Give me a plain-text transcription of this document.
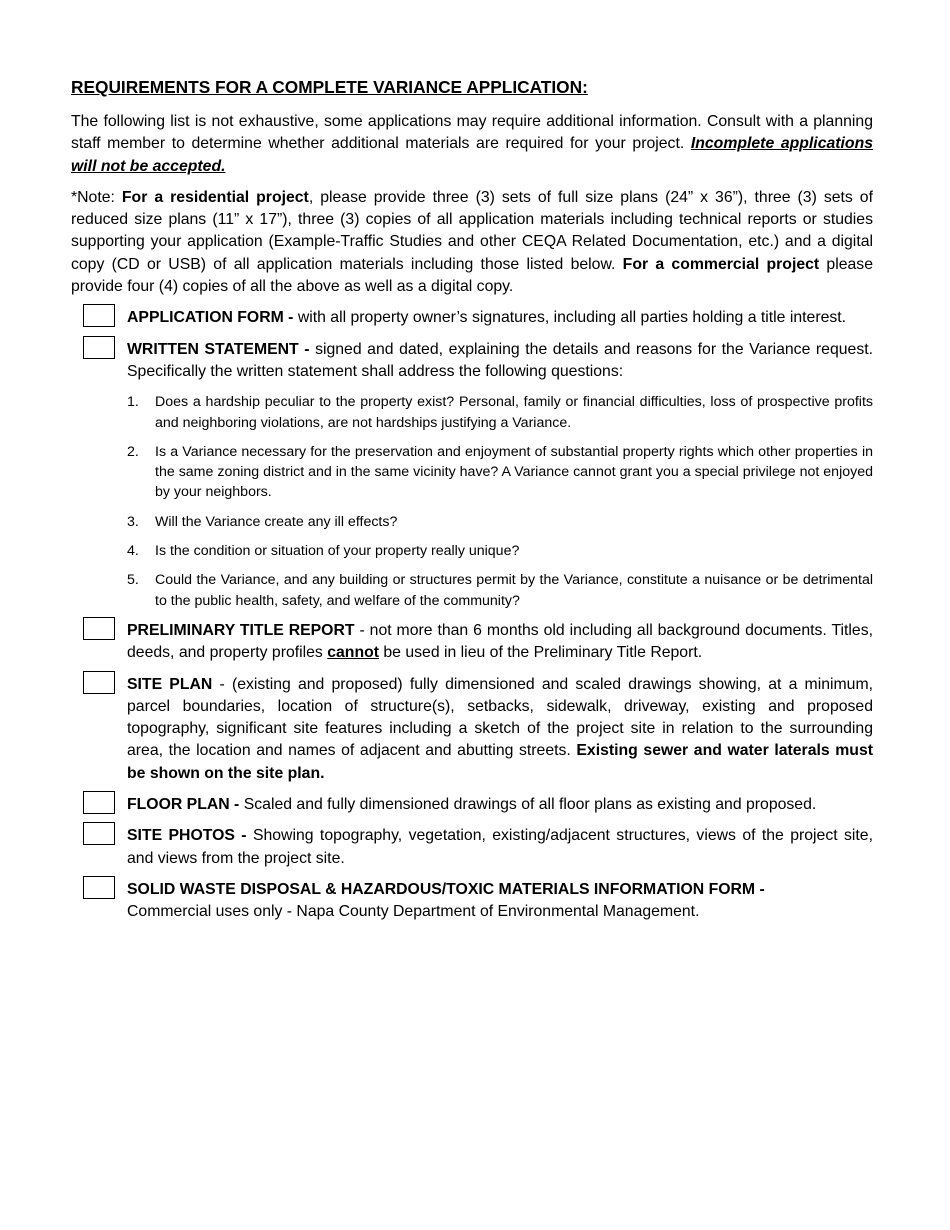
REQUIREMENTS FOR A COMPLETE VARIANCE APPLICATION:

The following list is not exhaustive, some applications may require additional information. Consult with a planning staff member to determine whether additional materials are required for your project. Incomplete applications will not be accepted.

*Note: For a residential project, please provide three (3) sets of full size plans (24” x 36”), three (3) sets of reduced size plans (11” x 17”), three (3) copies of all application materials including technical reports or studies supporting your application (Example-Traffic Studies and other CEQA Related Documentation, etc.) and a digital copy (CD or USB) of all application materials including those listed below. For a commercial project please provide four (4) copies of all the above as well as a digital copy.

APPLICATION FORM - with all property owner’s signatures, including all parties holding a title interest.
WRITTEN STATEMENT - signed and dated, explaining the details and reasons for the Variance request. Specifically the written statement shall address the following questions:
1. Does a hardship peculiar to the property exist? Personal, family or financial difficulties, loss of prospective profits and neighboring violations, are not hardships justifying a Variance.
2. Is a Variance necessary for the preservation and enjoyment of substantial property rights which other properties in the same zoning district and in the same vicinity have? A Variance cannot grant you a special privilege not enjoyed by your neighbors.
3. Will the Variance create any ill effects?
4. Is the condition or situation of your property really unique?
5. Could the Variance, and any building or structures permit by the Variance, constitute a nuisance or be detrimental to the public health, safety, and welfare of the community?
PRELIMINARY TITLE REPORT - not more than 6 months old including all background documents. Titles, deeds, and property profiles cannot be used in lieu of the Preliminary Title Report.
SITE PLAN - (existing and proposed) fully dimensioned and scaled drawings showing, at a minimum, parcel boundaries, location of structure(s), setbacks, sidewalk, driveway, existing and proposed topography, significant site features including a sketch of the project site in relation to the surrounding area, the location and names of adjacent and abutting streets. Existing sewer and water laterals must be shown on the site plan.
FLOOR PLAN - Scaled and fully dimensioned drawings of all floor plans as existing and proposed.
SITE PHOTOS - Showing topography, vegetation, existing/adjacent structures, views of the project site, and views from the project site.
SOLID WASTE DISPOSAL & HAZARDOUS/TOXIC MATERIALS INFORMATION FORM -
Commercial uses only - Napa County Department of Environmental Management.
